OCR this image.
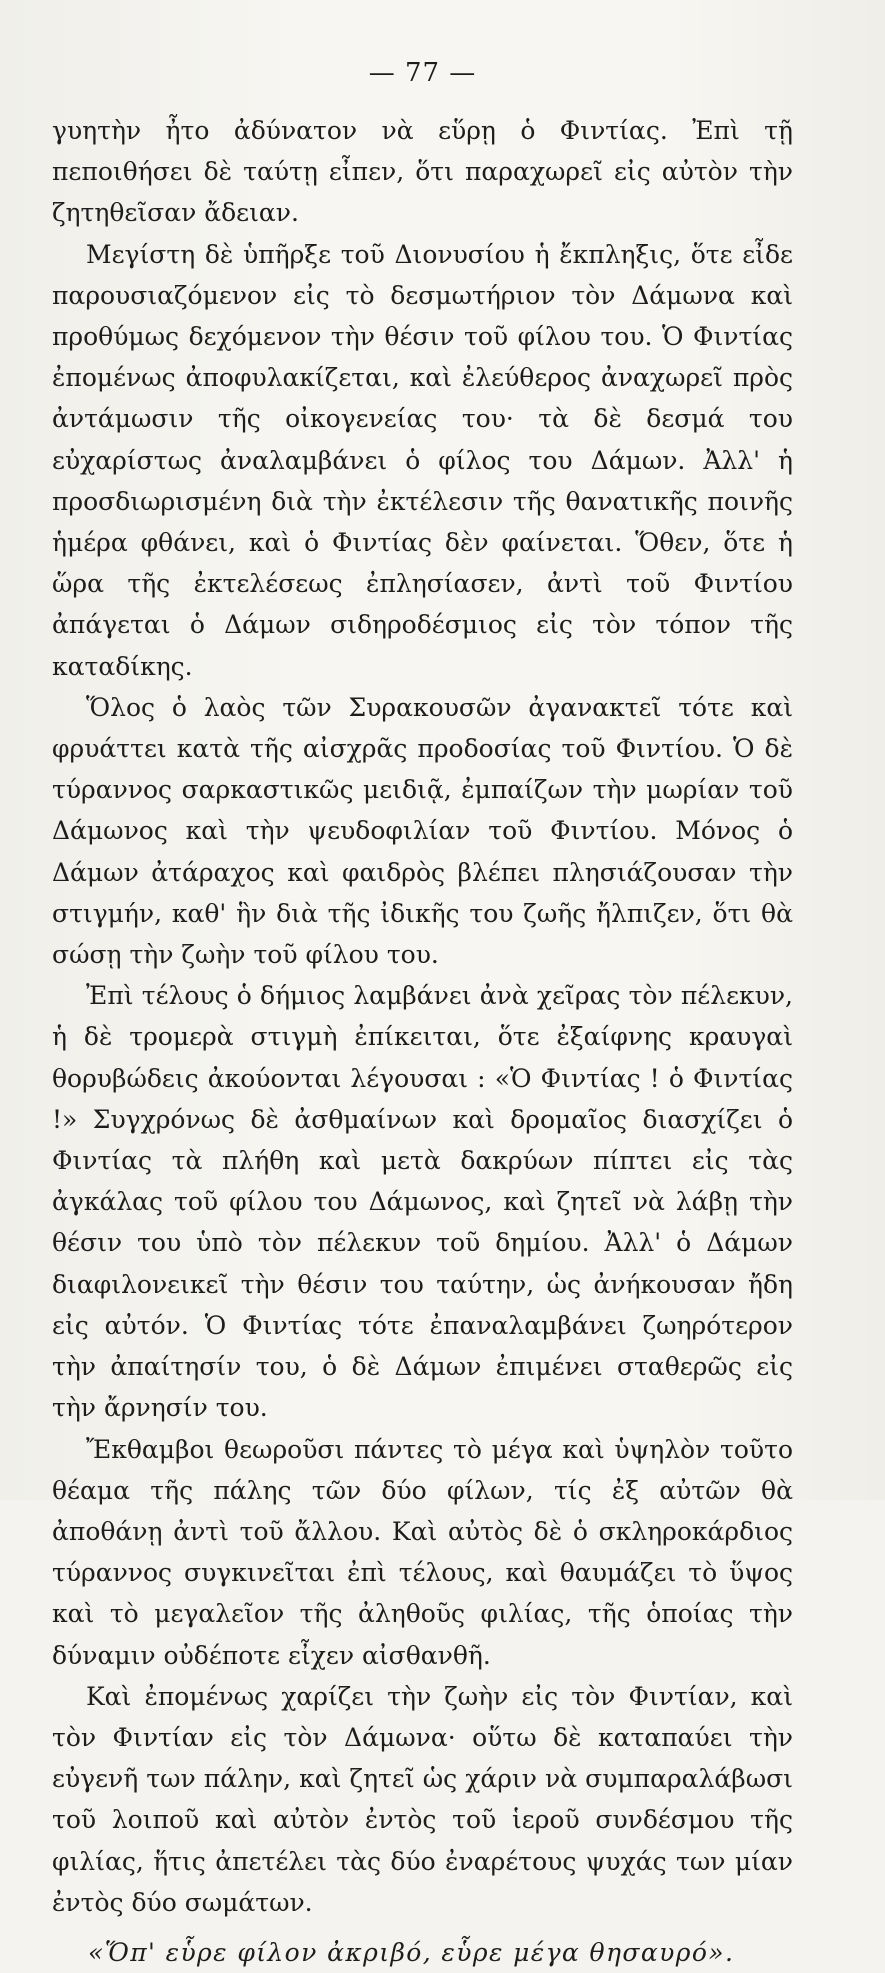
— 77 —

γυητὴν ἦτο ἀδύνατον νὰ εὕρῃ ὁ Φιντίας. Ἐπὶ τῇ πεποιθήσει δὲ ταύτῃ εἶπεν, ὅτι παραχωρεῖ εἰς αὐτὸν τὴν ζητηθεῖσαν ἄδειαν.

Μεγίστη δὲ ὑπῆρξε τοῦ Διονυσίου ἡ ἔκπληξις, ὅτε εἶδε παρουσιαζόμενον εἰς τὸ δεσμωτήριον τὸν Δάμωνα καὶ προθύμως δεχόμενον τὴν θέσιν τοῦ φίλου του. Ὁ Φιντίας ἐπομένως ἀποφυλακίζεται, καὶ ἐλεύθερος ἀναχωρεῖ πρὸς ἀντάμωσιν τῆς οἰκογενείας του· τὰ δὲ δεσμά του εὐχαρίστως ἀναλαμβάνει ὁ φίλος του Δάμων. Ἀλλ' ἡ προσδιωρισμένη διὰ τὴν ἐκτέλεσιν τῆς θανατικῆς ποινῆς ἡμέρα φθάνει, καὶ ὁ Φιντίας δὲν φαίνεται. Ὅθεν, ὅτε ἡ ὥρα τῆς ἐκτελέσεως ἐπλησίασεν, ἀντὶ τοῦ Φιντίου ἀπάγεται ὁ Δάμων σιδηροδέσμιος εἰς τὸν τόπον τῆς καταδίκης.

Ὅλος ὁ λαὸς τῶν Συρακουσῶν ἀγανακτεῖ τότε καὶ φρυάττει κατὰ τῆς αἰσχρᾶς προδοσίας τοῦ Φιντίου. Ὁ δὲ τύραννος σαρκαστικῶς μειδιᾷ, ἐμπαίζων τὴν μωρίαν τοῦ Δάμωνος καὶ τὴν ψευδοφιλίαν τοῦ Φιντίου. Μόνος ὁ Δάμων ἀτάραχος καὶ φαιδρὸς βλέπει πλησιάζουσαν τὴν στιγμήν, καθ' ἣν διὰ τῆς ἰδικῆς του ζωῆς ἤλπιζεν, ὅτι θὰ σώσῃ τὴν ζωὴν τοῦ φίλου του.

Ἐπὶ τέλους ὁ δήμιος λαμβάνει ἀνὰ χεῖρας τὸν πέλεκυν, ἡ δὲ τρομερὰ στιγμὴ ἐπίκειται, ὅτε ἐξαίφνης κραυγαὶ θορυβώδεις ἀκούονται λέγουσαι : «Ὁ Φιντίας ! ὁ Φιντίας !» Συγχρόνως δὲ ἀσθμαίνων καὶ δρομαῖος διασχίζει ὁ Φιντίας τὰ πλήθη καὶ μετὰ δακρύων πίπτει εἰς τὰς ἀγκάλας τοῦ φίλου του Δάμωνος, καὶ ζητεῖ νὰ λάβῃ τὴν θέσιν του ὑπὸ τὸν πέλεκυν τοῦ δημίου. Ἀλλ' ὁ Δάμων διαφιλονεικεῖ τὴν θέσιν του ταύτην, ὡς ἀνήκουσαν ἤδη εἰς αὐτόν. Ὁ Φιντίας τότε ἐπαναλαμβάνει ζωηρότερον τὴν ἀπαίτησίν του, ὁ δὲ Δάμων ἐπιμένει σταθερῶς εἰς τὴν ἄρνησίν του.

Ἔκθαμβοι θεωροῦσι πάντες τὸ μέγα καὶ ὑψηλὸν τοῦτο θέαμα τῆς πάλης τῶν δύο φίλων, τίς ἐξ αὐτῶν θὰ ἀποθάνῃ ἀντὶ τοῦ ἄλλου. Καὶ αὐτὸς δὲ ὁ σκληροκάρδιος τύραννος συγκινεῖται ἐπὶ τέλους, καὶ θαυμάζει τὸ ὕψος καὶ τὸ μεγαλεῖον τῆς ἀληθοῦς φιλίας, τῆς ὁποίας τὴν δύναμιν οὐδέποτε εἶχεν αἰσθανθῆ.

Καὶ ἐπομένως χαρίζει τὴν ζωὴν εἰς τὸν Φιντίαν, καὶ τὸν Φιντίαν εἰς τὸν Δάμωνα· οὕτω δὲ καταπαύει τὴν εὐγενῆ των πάλην, καὶ ζητεῖ ὡς χάριν νὰ συμπαραλάβωσι τοῦ λοιποῦ καὶ αὐτὸν ἐντὸς τοῦ ἱεροῦ συνδέσμου τῆς φιλίας, ἥτις ἀπετέλει τὰς δύο ἐναρέτους ψυχάς των μίαν ἐντὸς δύο σωμάτων.

«Ὅπ' εὗρε φίλον ἀκριβό, εὗρε μέγα θησαυρό».
